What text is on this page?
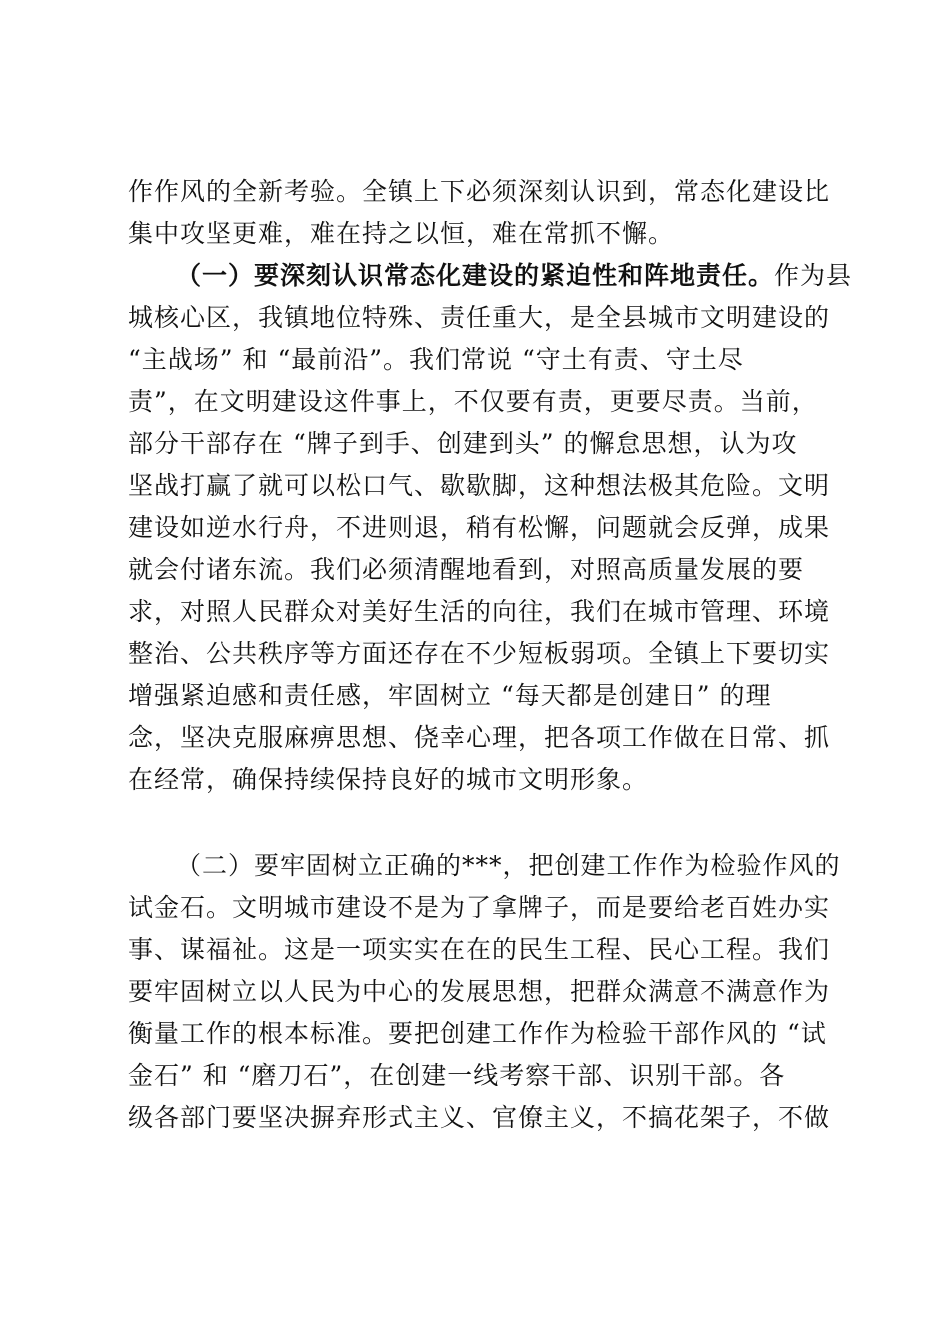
作作风的全新考验。全镇上下必须深刻认识到，常态化建设比
集中攻坚更难，难在持之以恒，难在常抓不懈。
（一）要深刻认识常态化建设的紧迫性和阵地责任。作为县
城核心区，我镇地位特殊、责任重大，是全县城市文明建设的
“主战场” 和 “最前沿”。我们常说 “守土有责、守土尽
责”，在文明建设这件事上，不仅要有责，更要尽责。当前，
部分干部存在 “牌子到手、创建到头” 的懈怠思想，认为攻
坚战打赢了就可以松口气、歇歇脚，这种想法极其危险。文明
建设如逆水行舟，不进则退，稍有松懈，问题就会反弹，成果
就会付诸东流。我们必须清醒地看到，对照高质量发展的要
求，对照人民群众对美好生活的向往，我们在城市管理、环境
整治、公共秩序等方面还存在不少短板弱项。全镇上下要切实
增强紧迫感和责任感，牢固树立 “每天都是创建日” 的理
念，坚决克服麻痹思想、侥幸心理，把各项工作做在日常、抓
在经常，确保持续保持良好的城市文明形象。
（二）要牢固树立正确的***，把创建工作作为检验作风的
试金石。文明城市建设不是为了拿牌子，而是要给老百姓办实
事、谋福祉。这是一项实实在在的民生工程、民心工程。我们
要牢固树立以人民为中心的发展思想，把群众满意不满意作为
衡量工作的根本标准。要把创建工作作为检验干部作风的 “试
金石” 和 “磨刀石”，在创建一线考察干部、识别干部。各
级各部门要坚决摒弃形式主义、官僚主义，不搞花架子，不做
